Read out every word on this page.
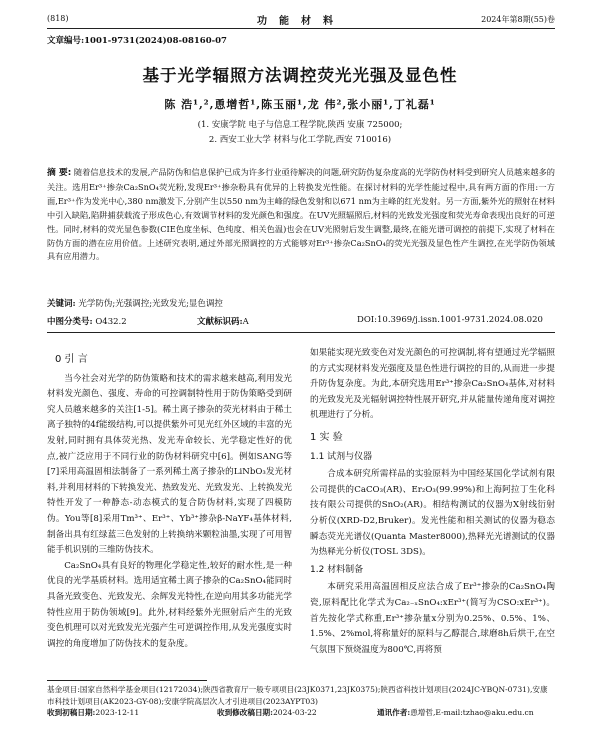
(818)	功能材料	2024年第8期(55)卷
文章编号:1001-9731(2024)08-08160-07
基于光学辐照方法调控荧光光强及显色性
陈 浩¹,²,恿增哲¹,陈玉丽¹,龙 伟²,张小丽¹,丁礼磊¹
(1. 安康学院 电子与信息工程学院,陕西 安康 725000;
2. 西安工业大学 材料与化工学院,西安 710016)
摘 要: 随着信息技术的发展,产品防伪和信息保护已成为许多行业亟待解决的问题,研究防伪复杂度高的光学防伪材料受到研究人员越来越多的关注。选用Er³⁺掺杂Ca₂SnO₄荧光粉,发现Er³⁺掺杂粉具有优异的上转换发光性能。在探讨材料的光学性能过程中,具有两方面的作用:一方面,Er³⁺作为发光中心,380 nm激发下,分别产生以550 nm为主峰的绿色发射和以671 nm为主峰的红光发射。另一方面,紫外光的照射在材料中引入缺陷,陷阱捕获载流子形成色心,有效调节材料的发光颜色和强度。在UV光照辐照后,材料的光致发光强度和荧光寿命表现出良好的可逆性。同时,材料的荧光显色参数(CIE色度坐标、色纯度、相关色温)也会在UV光照射后发生调整,最终,在能光谱可调控的前提下,实现了材料在防伪方面的潜在应用价值。上述研究表明,通过外部光照调控的方式能够对Er³⁺掺杂Ca₂SnO₄的荧光光强及显色性产生调控,在光学防伪领域具有应用潜力。
关键词: 光学防伪;光强调控;光致发光;显色调控
中图分类号: O432.2	文献标识码:A	DOI:10.3969/j.issn.1001-9731.2024.08.020
0 引 言

当今社会对光学的防伪策略和技术的需求越来越高,利用发光材料发光颜色、强度、寿命的可控调制特性用于防伪策略受到研究人员越来越多的关注[1-5]。稀土离子掺杂的荧光材料由于稀土离子独特的4f能级结构,可以提供紫外可见光红外区域的丰富的光发射,同时拥有具体荧光热、发光寿命较长、光学稳定性好的优点,被广泛应用于不同行业的防伪材料研究中[6]。例如SANG等[7]采用高温固相法制备了一系列稀土离子掺杂的LiNbO₃发光材料,并利用材料的下转换发光、热致发光、光致发光、上转换发光特性开发了一种静态-动态模式的复合防伪材料,实现了四模防伪。You等[8]采用Tm³⁺、Er³⁺、Yb³⁺掺杂β-NaYF₄基体材料,制备出具有红绿蓝三色发射的上转换纳米颗粒油墨,实现了可用智能手机识别的三维防伪技术。

Ca₂SnO₄具有良好的物理化学稳定性,较好的耐水性,是一种优良的光学基质材料。选用适宜稀土离子掺杂的Ca₂SnO₄能同时具备光致变色、光致发光、余辉发光特性,在逆向用其多功能光学特性应用于防伪领域[9]。此外,材料经紫外光照射后产生的光致变色机理可以对光致发光光强产生可逆调控作用,从发光强度实时调控的角度增加了防伪技术的复杂度。

如果能实现光致变色对发光颜色的可控调制,将有望通过光学辐照的方式实现材料发光强度及显色性进行调控的目的,从而进一步提升防伪复杂度。为此,本研究选用Er³⁺掺杂Ca₂SnO₄基体,对材料的光致发光及光辐射调控特性展开研究,并从能量传递角度对调控机理进行了分析。

1 实 验
1.1 试剂与仪器

合成本研究所需样品的实验原料为中国经某国化学试剂有限公司提供的CaCO₃(AR)、Er₂O₃(99.99%)和上海阿拉丁生化科技有限公司提供的SnO₂(AR)。相结构测试的仪器为X射线衍射分析仪(XRD-D2,Bruker)。发光性能和相关测试的仪器为稳态瞬态荧光光谱仪(Quanta Master8000),热释光光谱测试的仪器为热释光分析仪(TOSL 3DS)。

1.2 材料制备

本研究采用高温固相反应法合成了Er³⁺掺杂的Ca₂SnO₄陶瓷,原料配比化学式为Ca₂₋ₓSnO₄:xEr³⁺(简写为CSO:xEr³⁺)。首先按化学式称重,Er³⁺掺杂量x分别为0.25%、0.5%、1%、1.5%、2%mol,将称量好的原料与乙醇混合,球磨8h后烘干,在空气氛围下预烧温度为800℃,再将预

基金项目:国家自然科学基金项目(12172034);陕西省教育厅一般专项项目(23JK0371,23JK0375);陕西省科技计划项目(2024JC-YBQN-0731),安康市科技计划项目(AK2023-GY-08);安康学院高层次人才引进项目(2023AYPT03)
收到初稿日期:2023-12-11	收到修改稿日期:2024-03-22	通讯作者:恿增哲,E-mail:tzhao@aku.edu.cn
